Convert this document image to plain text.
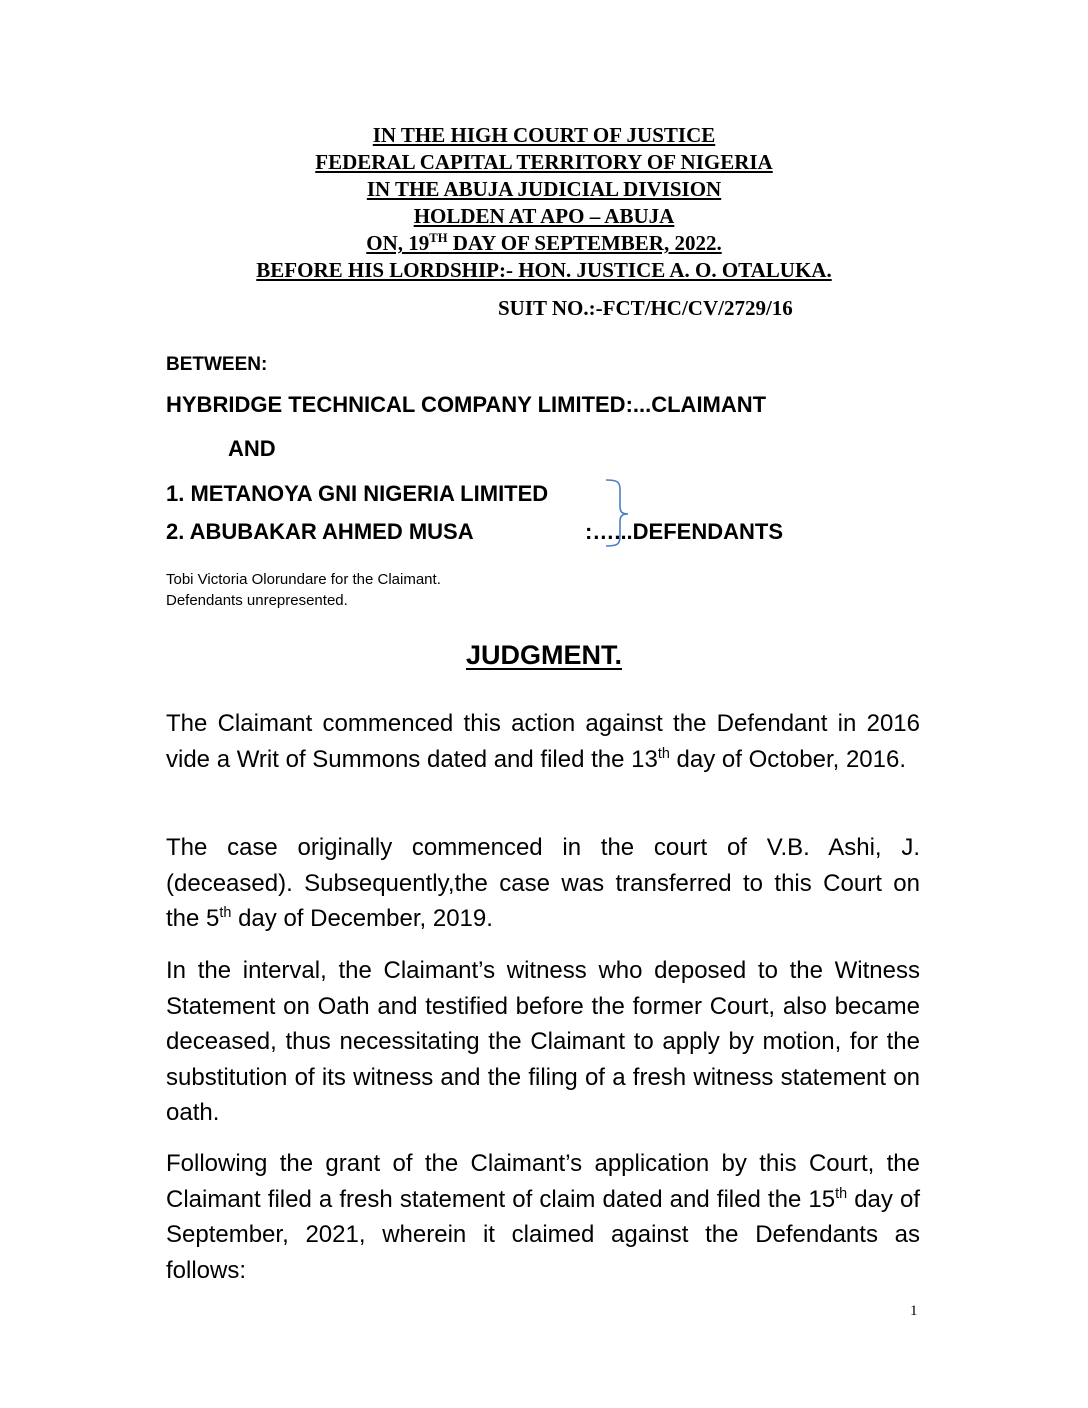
IN THE HIGH COURT OF JUSTICE
FEDERAL CAPITAL TERRITORY OF NIGERIA
IN THE ABUJA JUDICIAL DIVISION
HOLDEN AT APO – ABUJA
ON, 19TH DAY OF SEPTEMBER, 2022.
BEFORE HIS LORDSHIP:- HON. JUSTICE A. O. OTALUKA.
SUIT NO.:-FCT/HC/CV/2729/16
BETWEEN:
HYBRIDGE TECHNICAL COMPANY LIMITED:...CLAIMANT
AND
1. METANOYA GNI NIGERIA LIMITED
2. ABUBAKAR AHMED MUSA	:…...DEFENDANTS
Tobi Victoria Olorundare for the Claimant.
Defendants unrepresented.
JUDGMENT.

The Claimant commenced this action against the Defendant in 2016 vide a Writ of Summons dated and filed the 13th day of October, 2016.

The case originally commenced in the court of V.B. Ashi, J. (deceased). Subsequently,the case was transferred to this Court on the 5th day of December, 2019.

In the interval, the Claimant’s witness who deposed to the Witness Statement on Oath and testified before the former Court, also became deceased, thus necessitating the Claimant to apply by motion, for the substitution of its witness and the filing of a fresh witness statement on oath.

Following the grant of the Claimant’s application by this Court, the Claimant filed a fresh statement of claim dated and filed the 15th day of September, 2021, wherein it claimed against the Defendants as follows:

1
